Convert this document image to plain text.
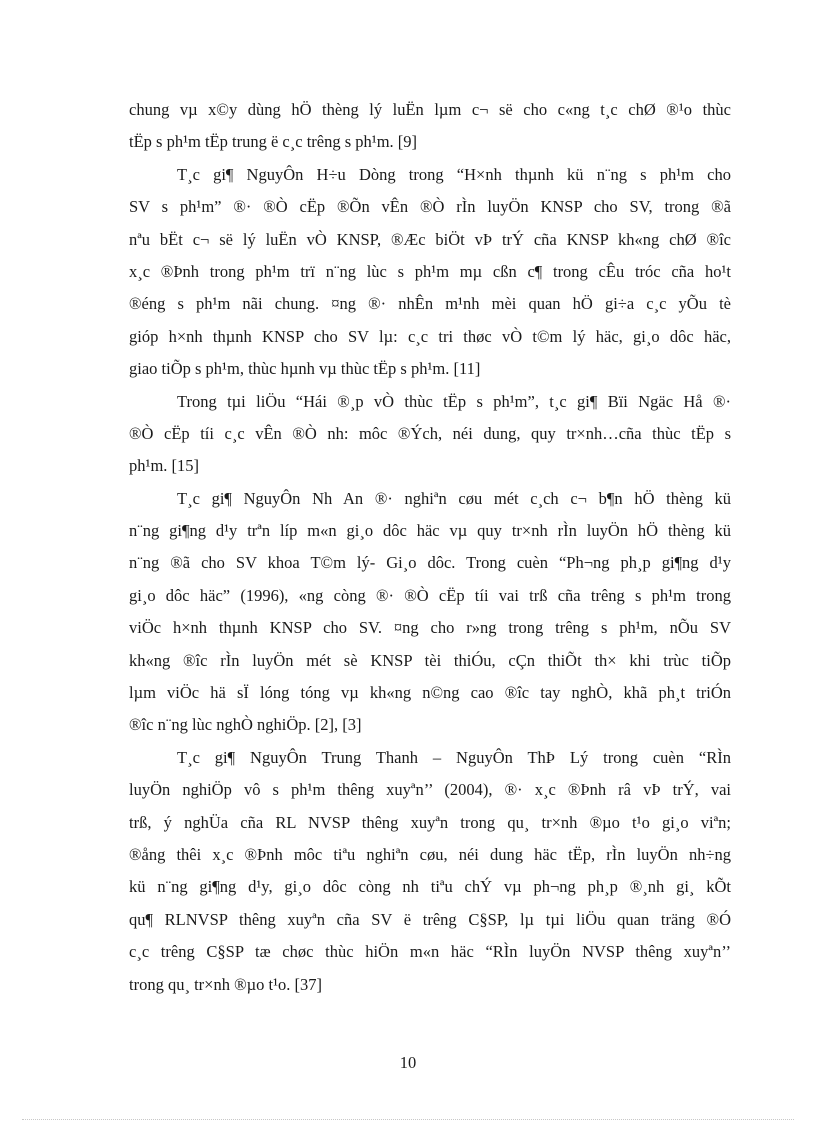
chung vµ x©y dùng hÖ thèng lý luËn lµm c¬ së cho c«ng t¸c chØ ®¹o thùc
tËp s ph¹m tËp trung ë c¸c trêng s ph¹m. [9]
T¸c gi¶ NguyÔn H÷u Dòng trong “H×nh thµnh kü n¨ng s ph¹m cho
SV s ph¹m” ®· ®Ò cËp ®Õn vÊn ®Ò rÌn luyÖn KNSP cho SV, trong ®ã
nªu bËt c¬ së lý luËn vÒ KNSP, ®Æc biÖt vÞ trÝ cña KNSP kh«ng chØ ®îc
x¸c ®Þnh trong ph¹m trï n¨ng lùc s ph¹m mµ cßn c¶ trong cÊu tróc cña ho¹t
®éng s ph¹m nãi chung. ¤ng ®· nhÊn m¹nh mèi quan hÖ gi÷a c¸c yÕu tè
gióp h×nh thµnh KNSP cho SV lµ: c¸c tri thøc vÒ t©m lý häc, gi¸o dôc häc,
giao tiÕp s ph¹m, thùc hµnh vµ thùc tËp s ph¹m. [11]
Trong tµi liÖu “Hái ®¸p vÒ thùc tËp s ph¹m”, t¸c gi¶ Bïi Ngäc Hå ®·
®Ò cËp tíi c¸c vÊn ®Ò nh: môc ®Ých, néi dung, quy tr×nh…cña thùc tËp s
ph¹m. [15]
T¸c gi¶ NguyÔn Nh An ®· nghiªn cøu mét c¸ch c¬ b¶n hÖ thèng kü
n¨ng gi¶ng d¹y trªn líp m«n gi¸o dôc häc vµ quy tr×nh rÌn luyÖn hÖ thèng kü
n¨ng ®ã cho SV khoa T©m lý- Gi¸o dôc. Trong cuèn “Ph¬ng ph¸p gi¶ng d¹y
gi¸o dôc häc” (1996), «ng còng ®· ®Ò cËp tíi vai trß cña trêng s ph¹m trong
viÖc h×nh thµnh KNSP cho SV. ¤ng cho r»ng trong trêng s ph¹m, nÕu SV
kh«ng ®îc rÌn luyÖn mét sè KNSP tèi thiÓu, cÇn thiÕt th× khi trùc tiÕp
lµm viÖc hä sÏ lóng tóng vµ kh«ng n©ng cao ®îc tay nghÒ, khã ph¸t triÓn
®îc n¨ng lùc nghÒ nghiÖp. [2], [3]
T¸c gi¶ NguyÔn Trung Thanh – NguyÔn ThÞ Lý trong cuèn “RÌn
luyÖn nghiÖp vô s ph¹m thêng xuyªn’’ (2004), ®· x¸c ®Þnh râ vÞ trÝ, vai
trß, ý nghÜa cña RL NVSP thêng xuyªn trong qu¸ tr×nh ®µo t¹o gi¸o viªn;
®ång thêi x¸c ®Þnh môc tiªu nghiªn cøu, néi dung häc tËp, rÌn luyÖn nh÷ng
kü n¨ng gi¶ng d¹y, gi¸o dôc còng nh tiªu chÝ vµ ph¬ng ph¸p ®¸nh gi¸ kÕt
qu¶ RLNVSP thêng xuyªn cña SV ë trêng C§SP, lµ tµi liÖu quan träng ®Ó
c¸c trêng C§SP tæ chøc thùc hiÖn m«n häc “RÌn luyÖn NVSP thêng xuyªn’’
trong qu¸ tr×nh ®µo t¹o. [37]
10
